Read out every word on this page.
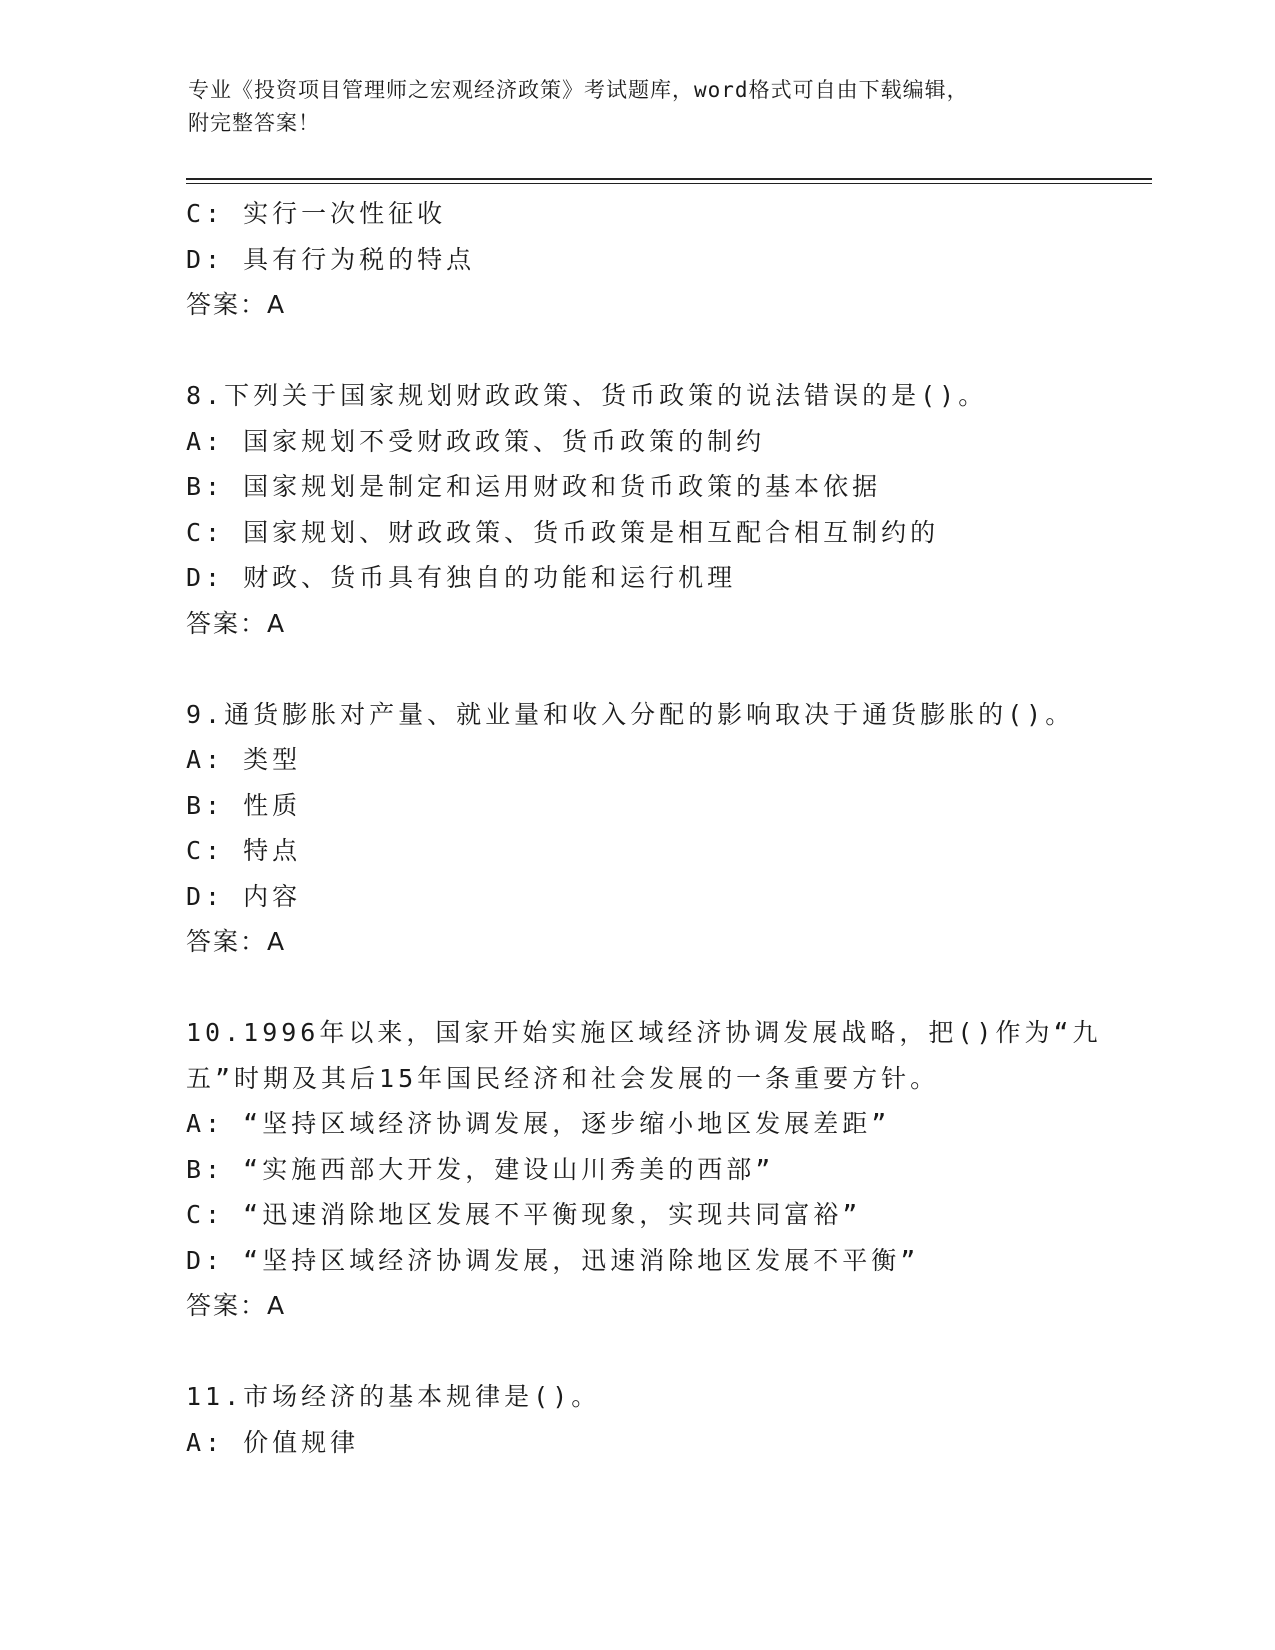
专业《投资项目管理师之宏观经济政策》考试题库，word格式可自由下载编辑，
附完整答案！
C: 实行一次性征收
D: 具有行为税的特点
答案：A
8.下列关于国家规划财政政策、货币政策的说法错误的是()。
A: 国家规划不受财政政策、货币政策的制约
B: 国家规划是制定和运用财政和货币政策的基本依据
C: 国家规划、财政政策、货币政策是相互配合相互制约的
D: 财政、货币具有独自的功能和运行机理
答案：A
9.通货膨胀对产量、就业量和收入分配的影响取决于通货膨胀的()。
A: 类型
B: 性质
C: 特点
D: 内容
答案：A
10.1996年以来，国家开始实施区域经济协调发展战略，把()作为“九
五”时期及其后15年国民经济和社会发展的一条重要方针。
A: “坚持区域经济协调发展，逐步缩小地区发展差距”
B: “实施西部大开发，建设山川秀美的西部”
C: “迅速消除地区发展不平衡现象，实现共同富裕”
D: “坚持区域经济协调发展，迅速消除地区发展不平衡”
答案：A
11.市场经济的基本规律是()。
A: 价值规律
